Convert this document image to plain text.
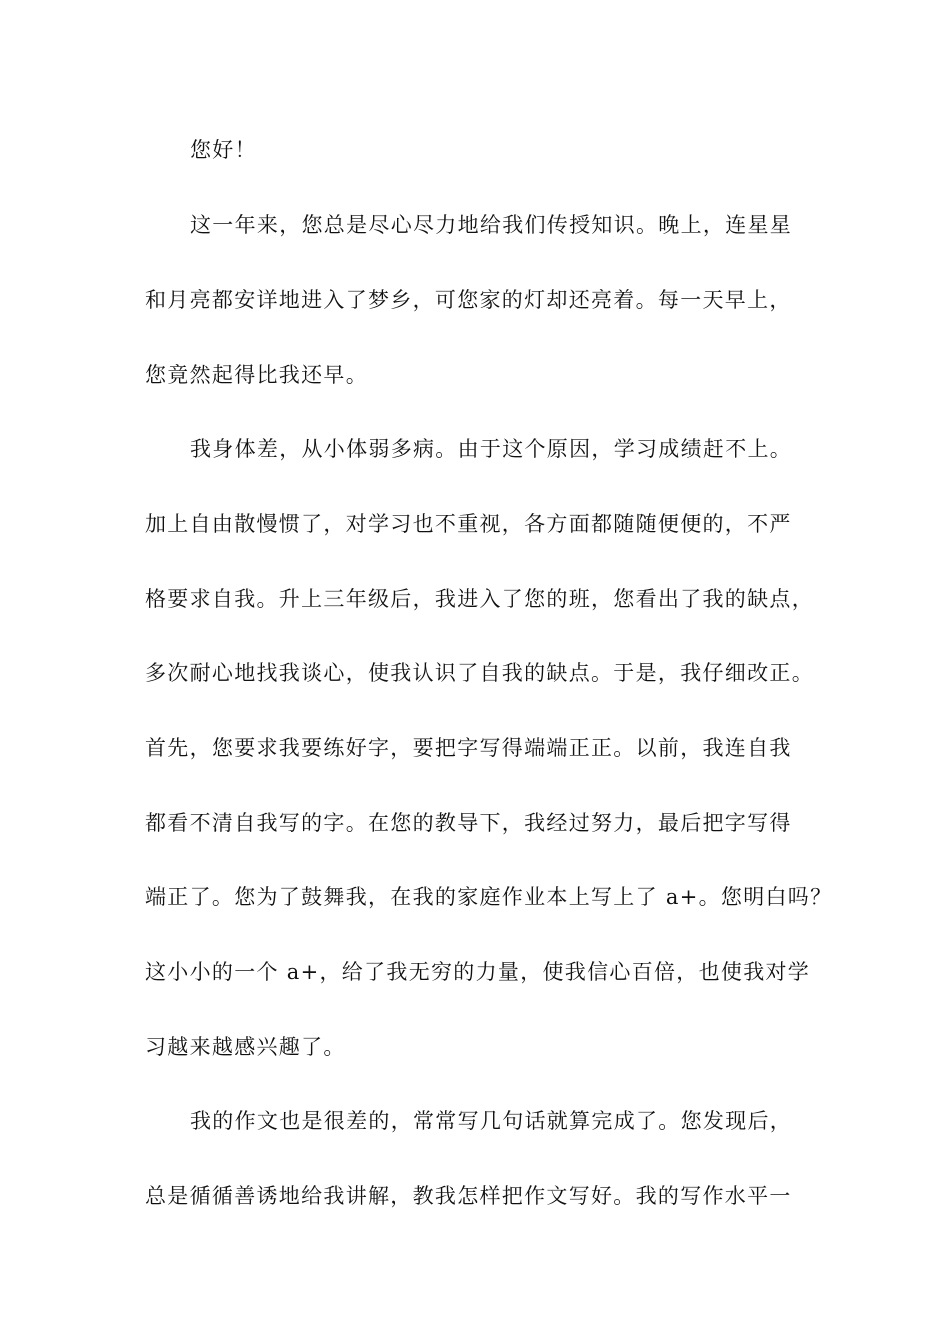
您好！
这一年来，您总是尽心尽力地给我们传授知识。晚上，连星星
和月亮都安详地进入了梦乡，可您家的灯却还亮着。每一天早上，
您竟然起得比我还早。
我身体差，从小体弱多病。由于这个原因，学习成绩赶不上。
加上自由散慢惯了，对学习也不重视，各方面都随随便便的，不严
格要求自我。升上三年级后，我进入了您的班，您看出了我的缺点，
多次耐心地找我谈心，使我认识了自我的缺点。于是，我仔细改正。
首先，您要求我要练好字，要把字写得端端正正。以前，我连自我
都看不清自我写的字。在您的教导下，我经过努力，最后把字写得
端正了。您为了鼓舞我，在我的家庭作业本上写上了 a+。您明白吗？
这小小的一个 a+，给了我无穷的力量，使我信心百倍，也使我对学
习越来越感兴趣了。
我的作文也是很差的，常常写几句话就算完成了。您发现后，
总是循循善诱地给我讲解，教我怎样把作文写好。我的写作水平一
